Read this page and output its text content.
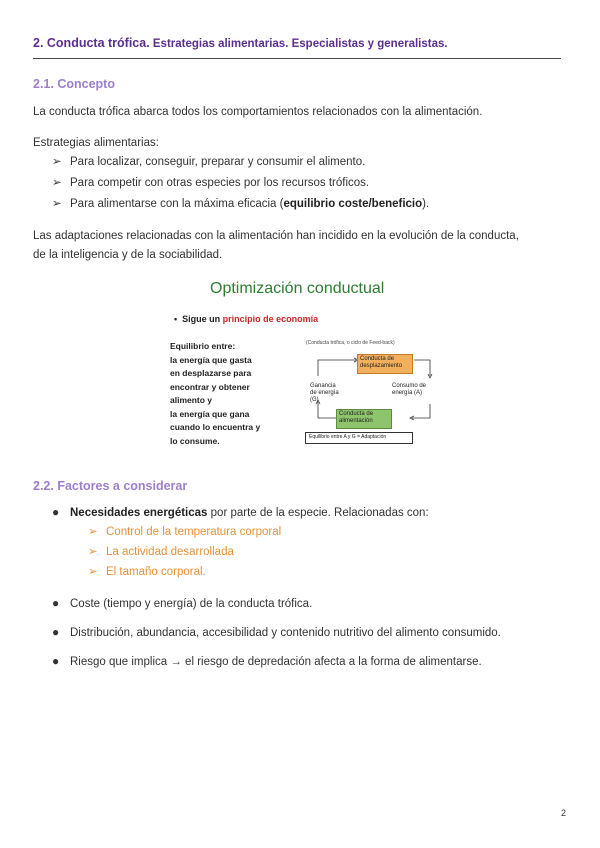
2. Conducta trófica. Estrategias alimentarias. Especialistas y generalistas.
2.1. Concepto
La conducta trófica abarca todos los comportamientos relacionados con la alimentación.
Estrategias alimentarias:
➢ Para localizar, conseguir, preparar y consumir el alimento.
➢ Para competir con otras especies por los recursos tróficos.
➢ Para alimentarse con la máxima eficacia (equilibrio coste/beneficio).
Las adaptaciones relacionadas con la alimentación han incidido en la evolución de la conducta,
de la inteligencia y de la sociabilidad.
Optimización conductual
•  Sigue un principio de economía
Equilibrio entre:
la energía que gasta
en desplazarse para
encontrar y obtener
alimento y
la energía que gana
cuando lo encuentra y
lo consume.
(Conducta trófica, o ciclo de Feed-back)
Conducta de desplazamiento
Ganancia de energía (G)
Consumo de energía (A)
Conducta de alimentación
Equilibrio entre A y G = Adaptación
2.2. Factores a considerar
● Necesidades energéticas por parte de la especie. Relacionadas con:
➢ Control de la temperatura corporal
➢ La actividad desarrollada
➢ El tamaño corporal.
● Coste (tiempo y energía) de la conducta trófica.
● Distribución, abundancia, accesibilidad y contenido nutritivo del alimento consumido.
● Riesgo que implica → el riesgo de depredación afecta a la forma de alimentarse.
2
